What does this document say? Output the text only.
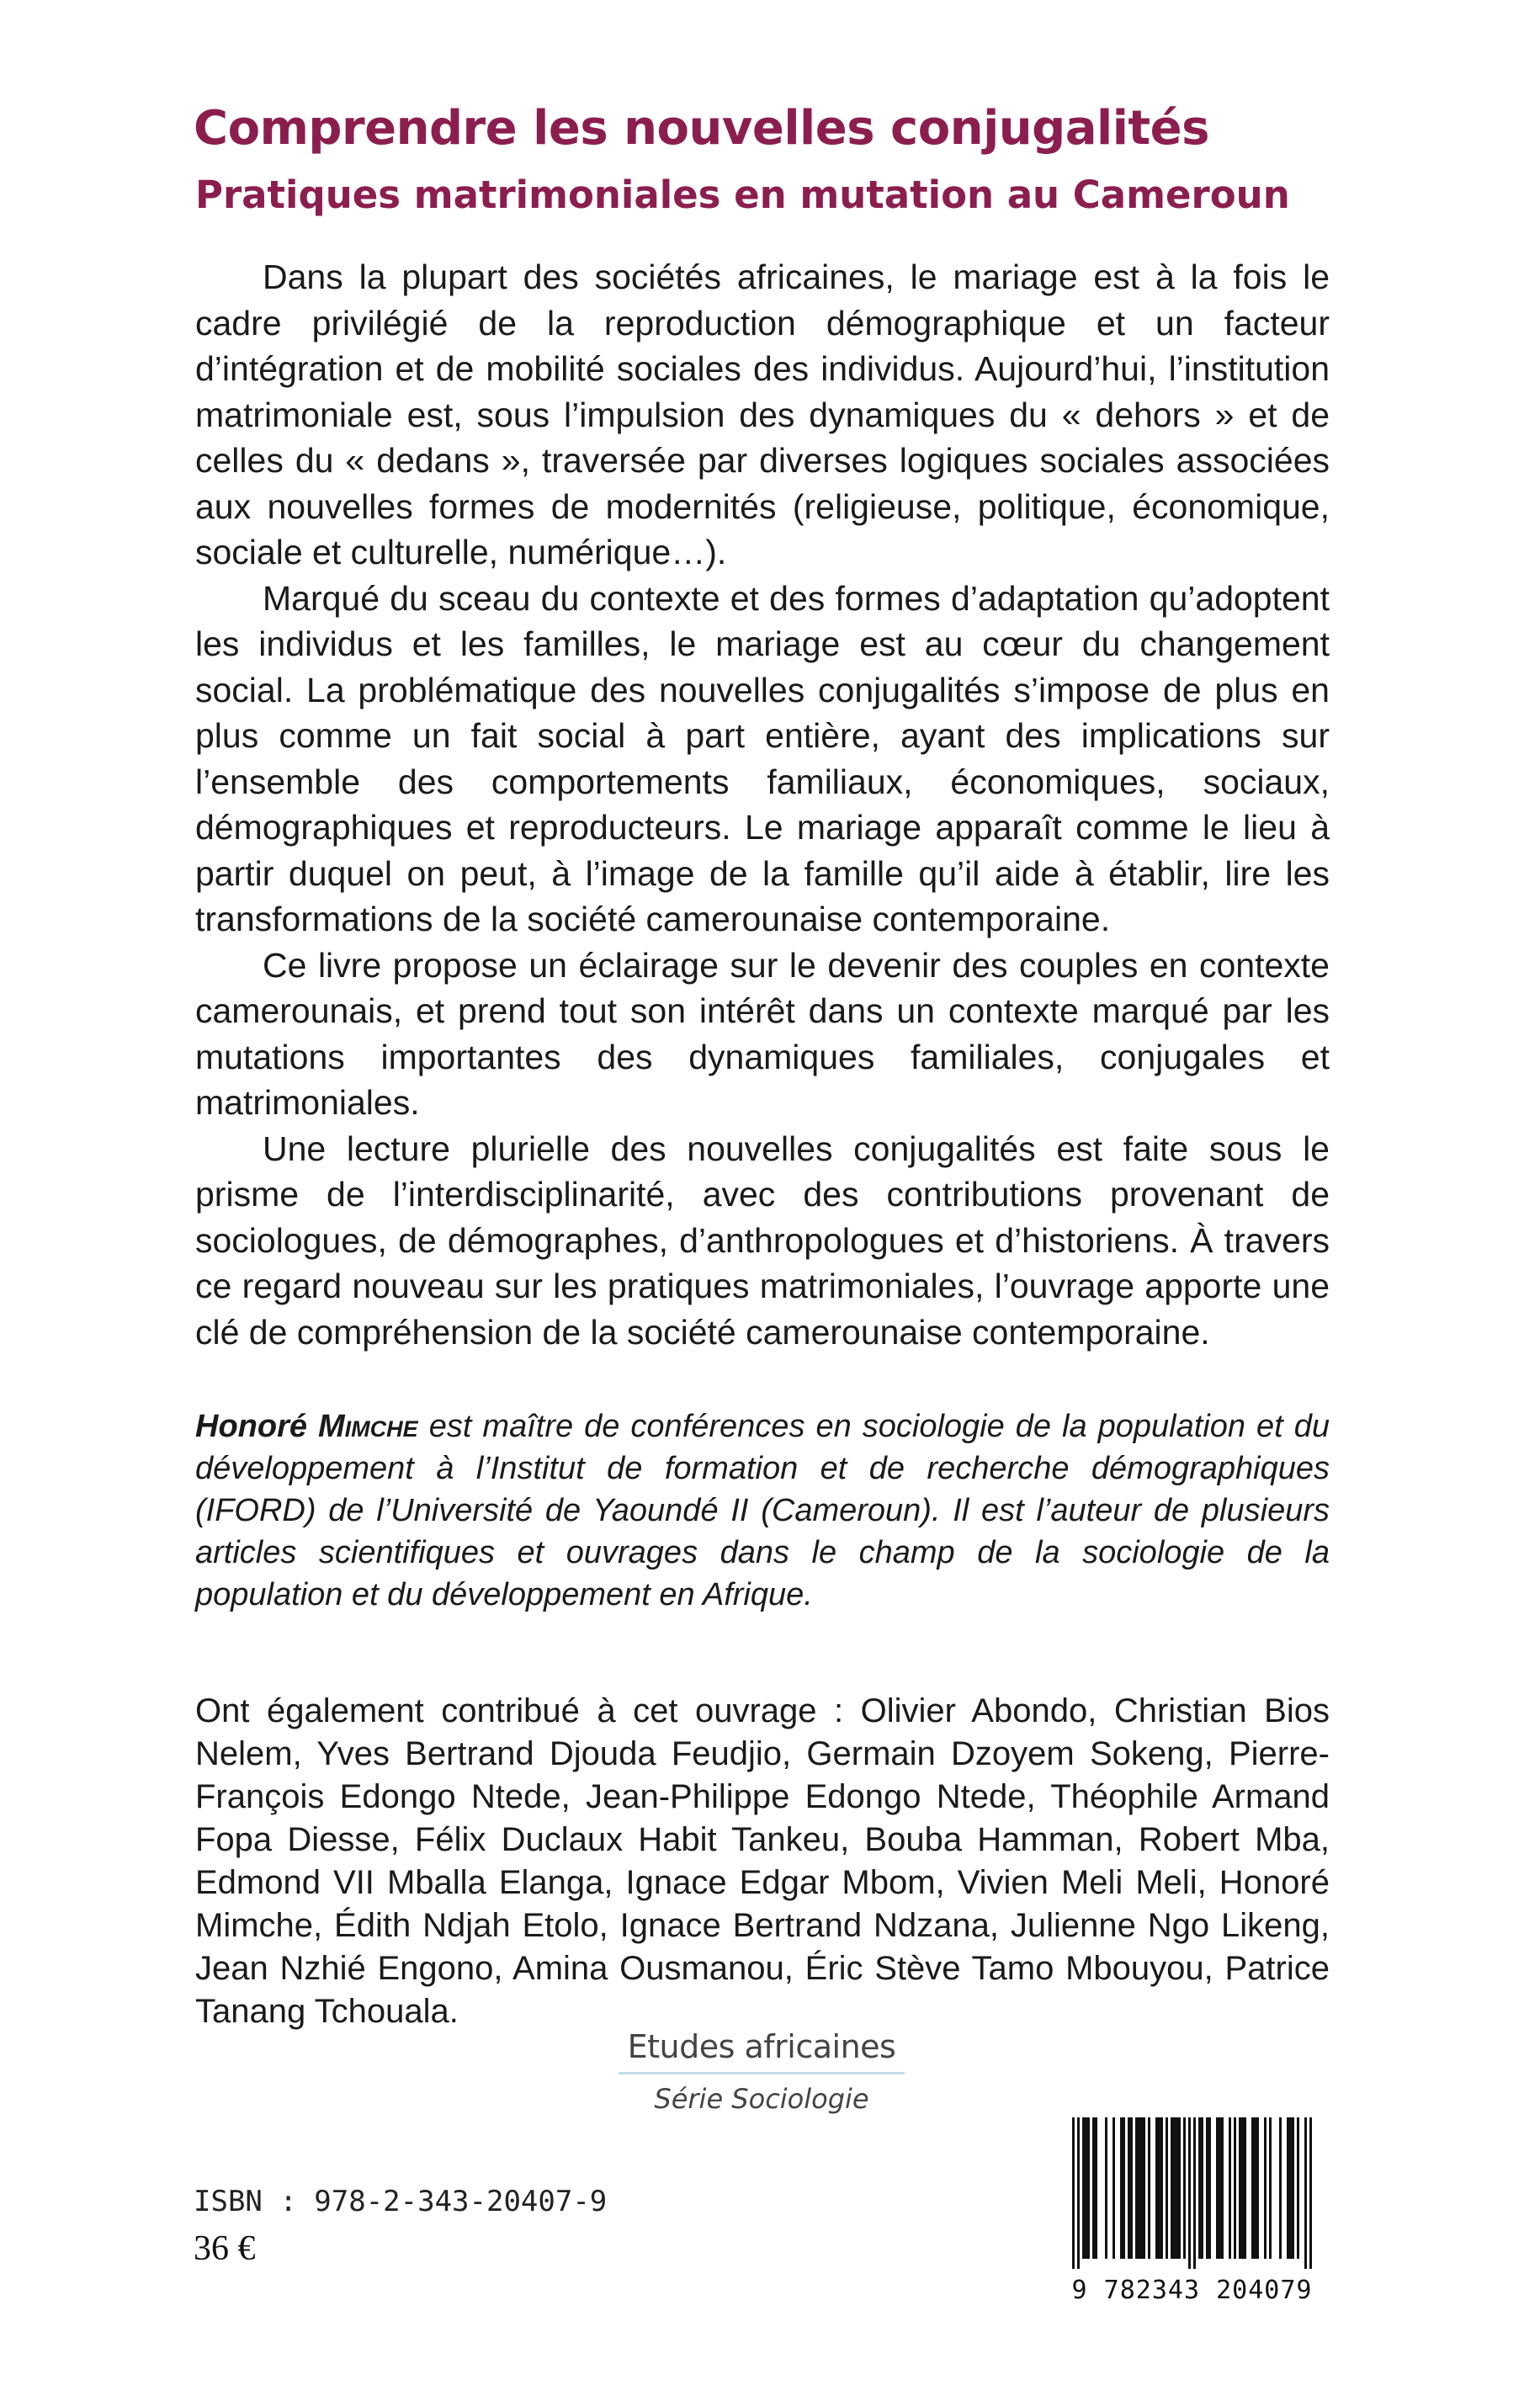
Comprendre les nouvelles conjugalités
Pratiques matrimoniales en mutation au Cameroun

Dans la plupart des sociétés africaines, le mariage est à la fois le cadre privilégié de la reproduction démographique et un facteur d’intégration et de mobilité sociales des individus. Aujourd’hui, l’institution matrimoniale est, sous l’impulsion des dynamiques du « dehors » et de celles du « dedans », traversée par diverses logiques sociales associées aux nouvelles formes de modernités (religieuse, politique, économique, sociale et culturelle, numérique…).

Marqué du sceau du contexte et des formes d’adaptation qu’adoptent les individus et les familles, le mariage est au cœur du changement social. La problématique des nouvelles conjugalités s’impose de plus en plus comme un fait social à part entière, ayant des implications sur l’ensemble des comportements familiaux, économiques, sociaux, démographiques et reproducteurs. Le mariage apparaît comme le lieu à partir duquel on peut, à l’image de la famille qu’il aide à établir, lire les transformations de la société camerounaise contemporaine.

Ce livre propose un éclairage sur le devenir des couples en contexte camerounais, et prend tout son intérêt dans un contexte marqué par les mutations importantes des dynamiques familiales, conjugales et matrimoniales.

Une lecture plurielle des nouvelles conjugalités est faite sous le prisme de l’interdisciplinarité, avec des contributions provenant de sociologues, de démographes, d’anthropologues et d’historiens. À travers ce regard nouveau sur les pratiques matrimoniales, l’ouvrage apporte une clé de compréhension de la société camerounaise contemporaine.

Honoré Mimche est maître de conférences en sociologie de la population et du développement à l’Institut de formation et de recherche démographiques (IFORD) de l’Université de Yaoundé II (Cameroun). Il est l’auteur de plusieurs articles scientifiques et ouvrages dans le champ de la sociologie de la population et du développement en Afrique.

Ont également contribué à cet ouvrage : Olivier Abondo, Christian Bios Nelem, Yves Bertrand Djouda Feudjio, Germain Dzoyem Sokeng, Pierre-François Edongo Ntede, Jean-Philippe Edongo Ntede, Théophile Armand Fopa Diesse, Félix Duclaux Habit Tankeu, Bouba Hamman, Robert Mba, Edmond VII Mballa Elanga, Ignace Edgar Mbom, Vivien Meli Meli, Honoré Mimche, Édith Ndjah Etolo, Ignace Bertrand Ndzana, Julienne Ngo Likeng, Jean Nzhié Engono, Amina Ousmanou, Éric Stève Tamo Mbouyou, Patrice Tanang Tchouala.

Etudes africaines
Série Sociologie
ISBN : 978-2-343-20407-9
36 €
9 782343 204079
